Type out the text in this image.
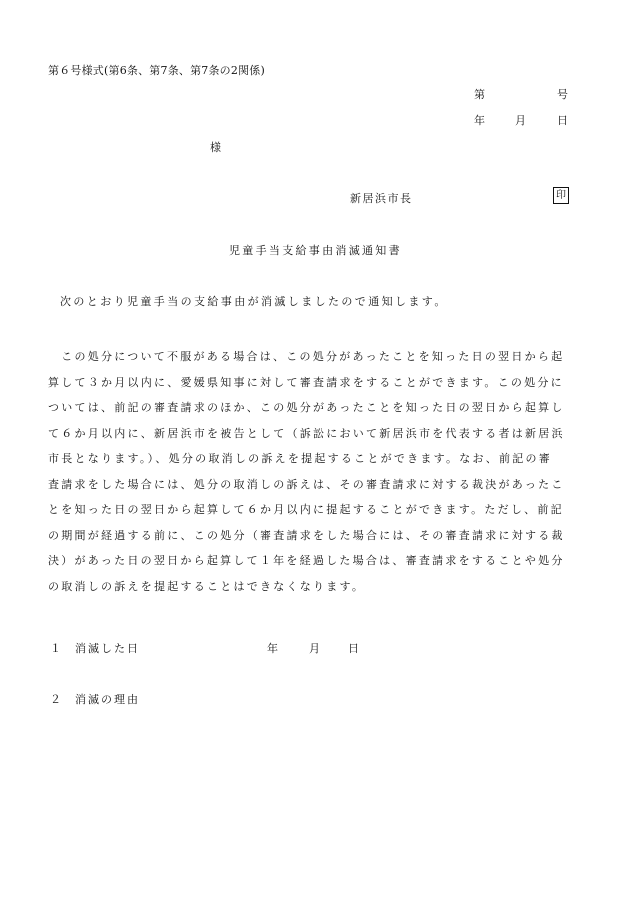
第６号様式(第6条、第7条、第7条の2関係)
第	号
年	月	日
様
新居浜市長	印
児童手当支給事由消滅通知書
次のとおり児童手当の支給事由が消滅しましたので通知します。
　この処分について不服がある場合は、この処分があったことを知った日の翌日から起
算して３か月以内に、愛媛県知事に対して審査請求をすることができます。この処分に
ついては、前記の審査請求のほか、この処分があったことを知った日の翌日から起算し
て６か月以内に、新居浜市を被告として（訴訟において新居浜市を代表する者は新居浜
市長となります。）、処分の取消しの訴えを提起することができます。なお、前記の審
査請求をした場合には、処分の取消しの訴えは、その審査請求に対する裁決があったこ
とを知った日の翌日から起算して６か月以内に提起することができます。ただし、前記
の期間が経過する前に、この処分（審査請求をした場合には、その審査請求に対する裁
決）があった日の翌日から起算して１年を経過した場合は、審査請求をすることや処分
の取消しの訴えを提起することはできなくなります。
１ 消滅した日	年	月	日
２ 消滅の理由
